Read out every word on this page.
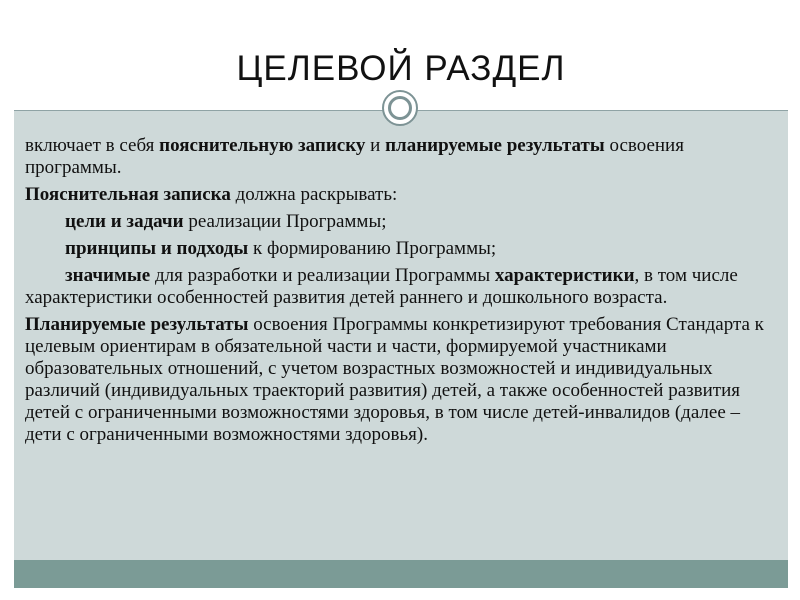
ЦЕЛЕВОЙ РАЗДЕЛ

включает в себя пояснительную записку и планируемые результаты освоения программы.

Пояснительная записка должна раскрывать:

цели и задачи реализации Программы;

принципы и подходы к формированию Программы;

значимые для разработки и реализации Программы характеристики, в том числе характеристики особенностей развития детей раннего и дошкольного возраста.

Планируемые результаты освоения Программы конкретизируют требования Стандарта к целевым ориентирам в обязательной части и части, формируемой участниками образовательных отношений, с учетом возрастных возможностей и индивидуальных различий (индивидуальных траекторий развития) детей, а также особенностей развития детей с ограниченными возможностями здоровья, в том числе детей-инвалидов (далее – дети с ограниченными возможностями здоровья).
